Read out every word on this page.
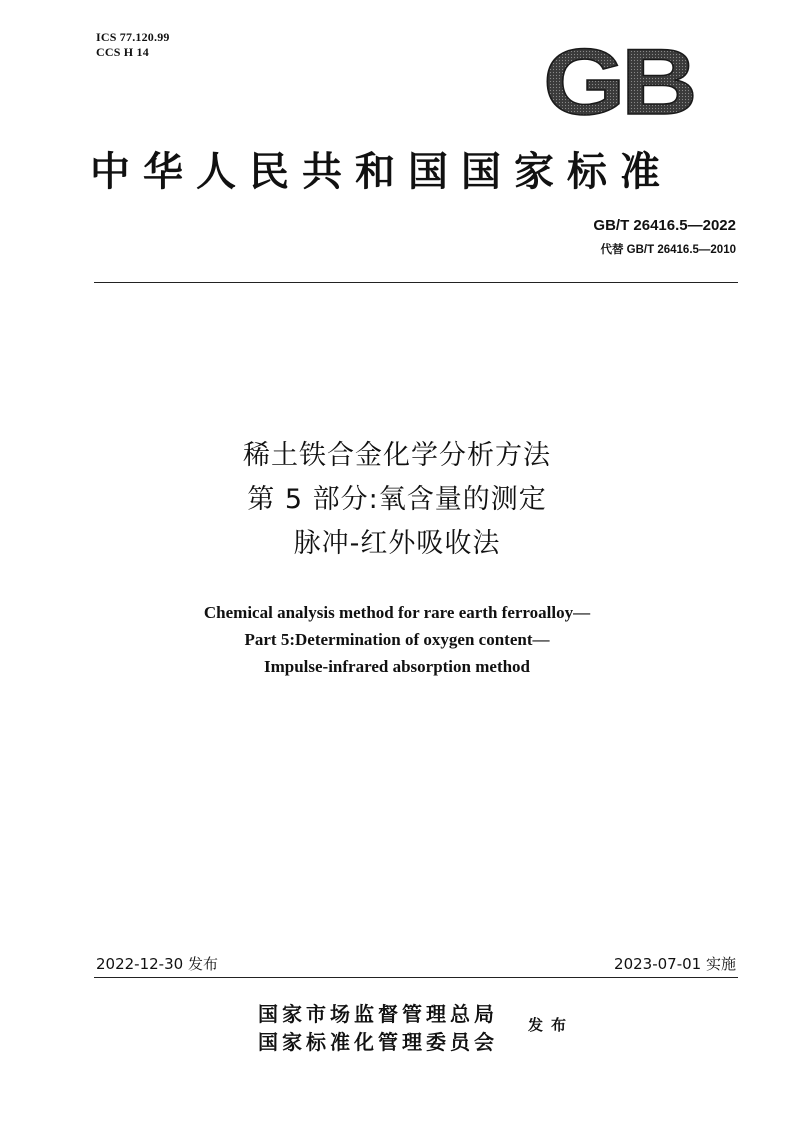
ICS 77.120.99
CCS H 14	GB
中华人民共和国国家标准
GB/T 26416.5—2022
代替 GB/T 26416.5—2010
稀土铁合金化学分析方法
第 5 部分:氧含量的测定
脉冲-红外吸收法
Chemical analysis method for rare earth ferroalloy—
Part 5:Determination of oxygen content—
Impulse-infrared absorption method
2022-12-30 发布	2023-07-01 实施
国家市场监督管理总局
国家标准化管理委员会
发布
